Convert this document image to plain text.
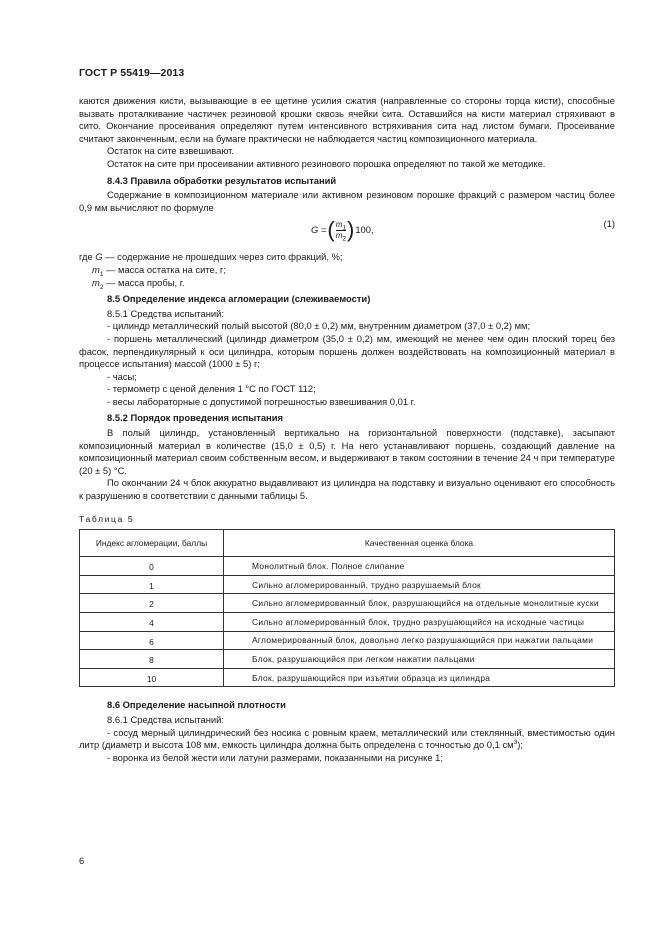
ГОСТ Р 55419—2013

каются движения кисти, вызывающие в ее щетине усилия сжатия (направленные со стороны торца кисти), способные вызвать проталкивание частичек резиновой крошки сквозь ячейки сита. Оставшийся на кисти материал стряхивают в сито. Окончание просеивания определяют путем интенсивного встряхивания сита над листом бумаги. Просеивание считают законченным, если на бумаге практически не наблюдается частиц композиционного материала.

Остаток на сите взвешивают.

Остаток на сите при просеивании активного резинового порошка определяют по такой же методике.

8.4.3 Правила обработки результатов испытаний

Содержание в композиционном материале или активном резиновом порошке фракций с размером частиц более 0,9 мм вычисляют по формуле

G = ( $\frac{m_1}{m_2}$ ) 100,
(1)

где G — содержание не прошедших через сито фракций, %;

$m_1$ — масса остатка на сите, г;

$m_2$ — масса пробы, г.

8.5 Определение индекса агломерации (слеживаемости)

8.5.1 Средства испытаний:

- цилиндр металлический полый высотой (80,0 ± 0,2) мм, внутренним диаметром (37,0 ± 0,2) мм;

- поршень металлический (цилиндр диаметром (35,0 ± 0,2) мм, имеющий не менее чем один плоский торец без фасок, перпендикулярный к оси цилиндра, которым поршень должен воздействовать на композиционный материал в процессе испытания) массой (1000 ± 5) г;

- часы;

- термометр с ценой деления 1 °С по ГОСТ 112;

- весы лабораторные с допустимой погрешностью взвешивания 0,01 г.

8.5.2 Порядок проведения испытания

В полый цилиндр, установленный вертикально на горизонтальной поверхности (подставке), засыпают композиционный материал в количестве (15,0 ± 0,5) г. На него устанавливают поршень, создающий давление на композиционный материал своим собственным весом, и выдерживают в таком состоянии в течение 24 ч при температуре (20 ± 5) °С.

По окончании 24 ч блок аккуратно выдавливают из цилиндра на подставку и визуально оценивают его способность к разрушению в соответствии с данными таблицы 5.

Таблица 5
Индекс агломерации, баллы	Качественная оценка блока
0	Монолитный блок. Полное слипание
1	Сильно агломерированный, трудно разрушаемый блок
2	Сильно агломерированный блок, разрушающийся на отдельные монолитные куски
4	Сильно агломерированный блок, трудно разрушающийся на исходные частицы
6	Агломерированный блок, довольно легко разрушающийся при нажатии пальцами
8	Блок, разрушающийся при легком нажатии пальцами
10	Блок, разрушающийся при изъятии образца из цилиндра

8.6 Определение насыпной плотности

8.6.1 Средства испытаний:

- сосуд мерный цилиндрический без носика с ровным краем, металлический или стеклянный, вместимостью один литр (диаметр и высота 108 мм, емкость цилиндра должна быть определена с точностью до 0,1 $см^3$);

- воронка из белой жести или латуни размерами, показанными на рисунке 1;

6
